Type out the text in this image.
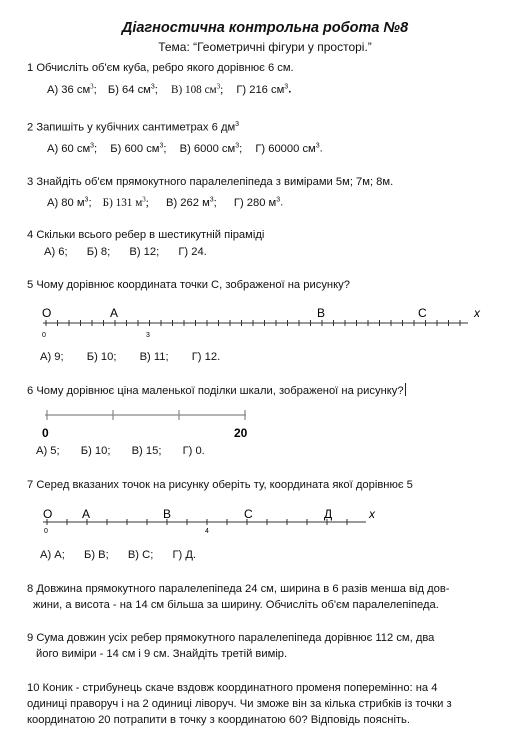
Діагностична контрольна робота №8
Тема: “Геометричні фігури у просторі.”
1 Обчисліть об'єм куба, ребро якого дорівнює 6 см.
А) 36 $см^3$; Б) 64 $см^3$; В) 108 $см^3$; Г) 216 $см^3$.
2 Запишіть у кубічних сантиметрах 6 $дм^3$
А) 60 $см^3$; Б) 600 $см^3$; В) 6000 $см^3$; Г) 60000 $см^3$.
3 Знайдіть об'єм прямокутного паралелепіпеда з вимірами 5м; 7м; 8м.
А) 80 $м^3$; Б) 131 $м^3$; В) 262 $м^3$; Г) 280 $м^3$.
4 Скільки всього ребер в шестикутній піраміді
А) 6; Б) 8; В) 12; Г) 24.
5 Чому дорівнює координата точки С, зображеної на рисунку?
О	А	В	С	х
0	3
А) 9; Б) 10; В) 11; Г) 12.
6 Чому дорівнює ціна маленької поділки шкали, зображеної на рисунку?
0	20
А) 5; Б) 10; В) 15; Г) 0.
7 Серед вказаних точок на рисунку оберіть ту, координата якої дорівнює 5
О А	В	С	Д	х
0	4
А) А; Б) В; В) С; Г) Д.
8 Довжина прямокутного паралелепіпеда 24 см, ширина в 6 разів менша від дов-
жини, а висота - на 14 см більша за ширину. Обчисліть об'єм паралелепіпеда.
9 Сума довжин усіх ребер прямокутного паралелепіпеда дорівнює 112 см, два
його виміри - 14 см і 9 см. Знайдіть третій вимір.
10 Коник - стрибунець скаче вздовж координатного променя поперемінно: на 4
одиниці праворуч і на 2 одиниці ліворуч. Чи зможе він за кілька стрибків із точки з
координатою 20 потрапити в точку з координатою 60? Відповідь поясніть.
